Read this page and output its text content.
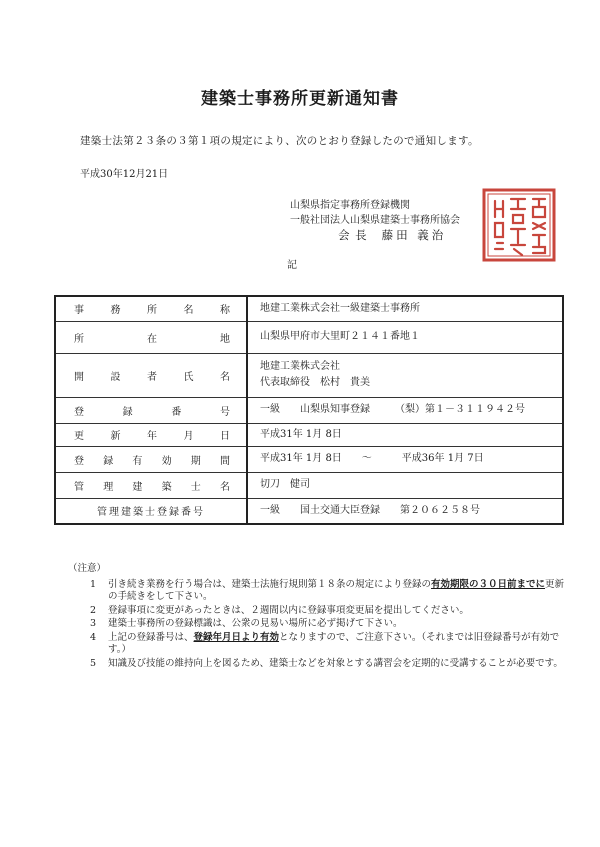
建築士事務所更新通知書
建築士法第２３条の３第１項の規定により、次のとおり登録したので通知します。
平成30年12月21日
山梨県指定事務所登録機関
一般社団法人山梨県建築士事務所協会
会 長 藤田 義治
記
事務所名称	地建工業株式会社一級建築士事務所

所在地	山梨県甲府市大里町２１４１番地１

開設者氏名	地建工業株式会社
代表取締役　松村　貴美

登録番号	一級　　山梨県知事登録　　　（梨）第１－３１１９４２号

更新年月日	平成31年 1月 8日

登録有効期間	平成31年 1月 8日　　〜　　　平成36年 1月 7日

管理建築士名	切刀　健司

管理建築士登録番号	一級　　国土交通大臣登録　　第２０６２５８号
（注意）
1 引き続き業務を行う場合は、建築士法施行規則第１８条の規定により登録の有効期限の３０日前までに更新の手続きをして下さい。
2 登録事項に変更があったときは、２週間以内に登録事項変更届を提出してください。
3 建築士事務所の登録標識は、公衆の見易い場所に必ず掲げて下さい。
4 上記の登録番号は、登録年月日より有効となりますので、ご注意下さい。（それまでは旧登録番号が有効です。）
5 知識及び技能の維持向上を図るため、建築士などを対象とする講習会を定期的に受講することが必要です。
